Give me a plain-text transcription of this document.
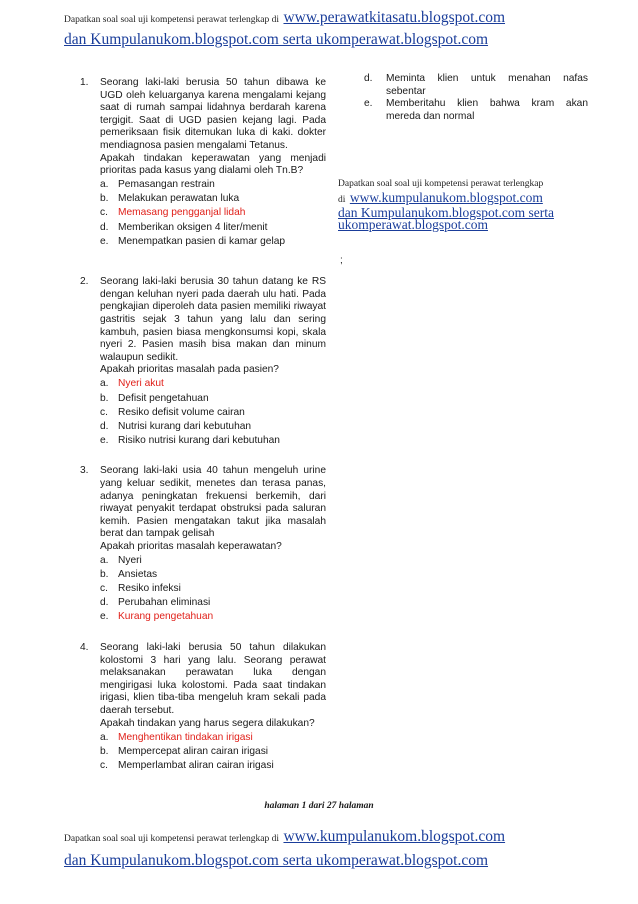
Dapatkan soal soal uji kompetensi perawat terlengkap di www.perawatkitasatu.blogspot.com
dan Kumpulanukom.blogspot.com serta ukomperawat.blogspot.com
1. Seorang laki-laki berusia 50 tahun dibawa ke UGD oleh keluarganya karena mengalami kejang saat di rumah sampai lidahnya berdarah karena tergigit. Saat di UGD pasien kejang lagi. Pada pemeriksaan fisik ditemukan luka di kaki. dokter mendiagnosa pasien mengalami Tetanus.
Apakah tindakan keperawatan yang menjadi prioritas pada kasus yang dialami oleh Tn.B?
a. Pemasangan restrain
b. Melakukan perawatan luka
c. Memasang pengganjal lidah
d. Memberikan oksigen 4 liter/menit
e. Menempatkan pasien di kamar gelap
2. Seorang laki-laki berusia 30 tahun datang ke RS dengan keluhan nyeri pada daerah ulu hati. Pada pengkajian diperoleh data pasien memiliki riwayat gastritis sejak 3 tahun yang lalu dan sering kambuh, pasien biasa mengkonsumsi kopi, skala nyeri 2. Pasien masih bisa makan dan minum walaupun sedikit.
Apakah prioritas masalah pada pasien?
a. Nyeri akut
b. Defisit pengetahuan
c. Resiko defisit volume cairan
d. Nutrisi kurang dari kebutuhan
e. Risiko nutrisi kurang dari kebutuhan
3. Seorang laki-laki usia 40 tahun mengeluh urine yang keluar sedikit, menetes dan terasa panas, adanya peningkatan frekuensi berkemih, dari riwayat penyakit terdapat obstruksi pada saluran kemih. Pasien mengatakan takut jika masalah berat dan tampak gelisah
Apakah prioritas masalah keperawatan?
a. Nyeri
b. Ansietas
c. Resiko infeksi
d. Perubahan eliminasi
e. Kurang pengetahuan
4. Seorang laki-laki berusia 50 tahun dilakukan kolostomi 3 hari yang lalu. Seorang perawat melaksanakan perawatan luka dengan mengirigasi luka kolostomi. Pada saat tindakan irigasi, klien tiba-tiba mengeluh kram sekali pada daerah tersebut.
Apakah tindakan yang harus segera dilakukan?
a. Menghentikan tindakan irigasi
b. Mempercepat aliran cairan irigasi
c. Memperlambat aliran cairan irigasi
d. Meminta klien untuk menahan nafas sebentar
e. Memberitahu klien bahwa kram akan mereda dan normal
Dapatkan soal soal uji kompetensi perawat terlengkap
di www.kumpulanukom.blogspot.com
dan Kumpulanukom.blogspot.com serta
ukomperawat.blogspot.com
;
halaman 1 dari 27 halaman
Dapatkan soal soal uji kompetensi perawat terlengkap di www.kumpulanukom.blogspot.com
dan Kumpulanukom.blogspot.com serta ukomperawat.blogspot.com
